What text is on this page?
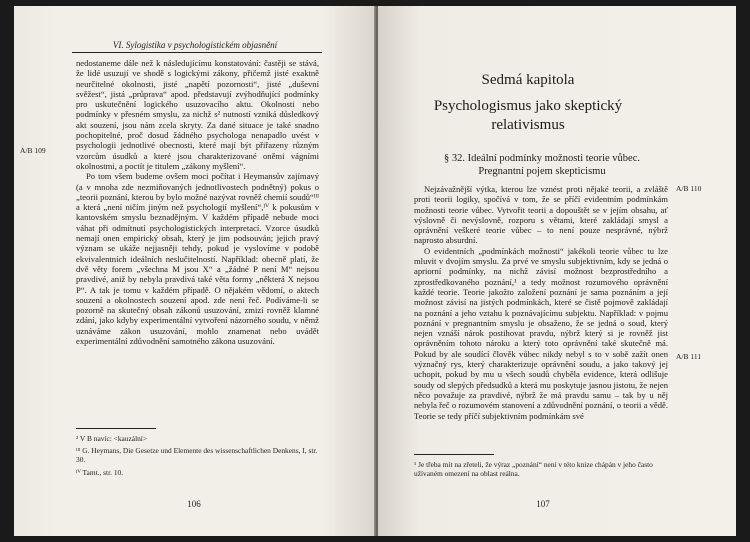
VI. Sylogistika v psychologistickém objasnění
A/B 109

nedostaneme dále než k následujícímu konstatování: častěji se stává, že lidé usuzují ve shodě s logickými zákony, přičemž jisté exaktně neurčitelné okolnosti, jisté „napětí pozornosti“, jisté „duševní svěžest“, jistá „průprava“ apod. představují zvýhodňující podmínky pro uskutečnění logického usuzovacího aktu. Okolnosti nebo podmínky v přesném smyslu, za nichž s² nutností vzniká důsledkový akt souzení, jsou nám zcela skryty. Za dané situace je také snadno pochopitelné, proč dosud žádného psychologa nenapadlo uvést v psychologii jednotlivé obecnosti, které mají být přiřazeny různým vzorcům úsudků a které jsou charakterizované oněmi vágními okolnostmi, a poctít je titulem „zákony myšlení“.

Po tom všem budeme ovšem moci počítat i Heymansův zajímavý (a v mnoha zde nezmiňovaných jednotlivostech podnětný) pokus o „teorii poznání, kterou by bylo možné nazývat rovněž chemií soudů“ᴵᴵᴵ a která „není ničím jiným než psychologií myšlení“,ᴵⱽ k pokusům v kantovském smyslu beznadějným. V každém případě nebude moci váhat při odmítnutí psychologistických interpretací. Vzorce úsudků nemají onen empirický obsah, který je jim podsouván; jejich pravý význam se ukáže nejjasněji tehdy, pokud je vyslovíme v podobě ekvivalentních ideálních neslučitelností. Například: obecně platí, že dvě věty forem „všechna M jsou X“ a „žádné P není M“ nejsou pravdivé, aniž by nebyla pravdivá také věta formy „některá X nejsou P“. A tak je tomu v každém případě. O nějakém vědomí, o aktech souzení a okolnostech souzení apod. zde není řeč. Podíváme-li se pozorně na skutečný obsah zákonů usuzování, zmizí rovněž klamné zdání, jako kdyby experimentální vytvoření názorného soudu, v němž uznáváme zákon usuzování, mohlo znamenat nebo uvádět experimentální zdůvodnění samotného zákona usuzování.

² V B navíc: <kauzální>

ᴵᴵᴵ G. Heymans, Die Gesetze und Elemente des wissenschaftlichen Denkens, I, str. 30.

ᴵⱽ Tamt., str. 10.

106
Sedmá kapitola
Psychologismus jako skeptický
relativismus
§ 32. Ideální podmínky možnosti teorie vůbec.
Pregnantní pojem skepticismu
A/B 110
A/B 111

Nejzávažnější výtka, kterou lze vznést proti nějaké teorii, a zvláště proti teorii logiky, spočívá v tom, že se příčí evidentním podmínkám možnosti teorie vůbec. Vytvořit teorii a dopouštět se v jejím obsahu, ať výslovně či nevýslovně, rozporu s větami, které zakládají smysl a oprávnění veškeré teorie vůbec – to není pouze nesprávné, nýbrž naprosto absurdní.

O evidentních „podmínkách možnosti“ jakékoli teorie vůbec tu lze mluvit v dvojím smyslu. Za prvé ve smyslu subjektivním, kdy se jedná o apriorní podmínky, na nichž závisí možnost bezprostředního a zprostředkovaného poznání,¹ a tedy možnost rozumového oprávnění každé teorie. Teorie jakožto založení poznání je sama poznáním a její možnost závisí na jistých podmínkách, které se čistě pojmově zakládají na poznání a jeho vztahu k poznávajícímu subjektu. Například: v pojmu poznání v pregnantním smyslu je obsaženo, že se jedná o soud, který nejen vznáší nárok postihovat pravdu, nýbrž který si je rovněž jist oprávněním tohoto nároku a který toto oprávnění také skutečně má. Pokud by ale soudící člověk vůbec nikdy nebyl s to v sobě zažít onen význačný rys, který charakterizuje oprávnění soudu, a jako takový jej uchopit, pokud by mu u všech soudů chyběla evidence, která odlišuje soudy od slepých předsudků a která mu poskytuje jasnou jistotu, že nejen něco považuje za pravdivé, nýbrž že má pravdu samu – tak by u něj nebyla řeč o rozumovém stanovení a zdůvodnění poznání, o teorii a vědě. Teorie se tedy příčí subjektivním podmínkám své

¹ Je třeba mít na zřeteli, že výraz „poznání“ není v této knize chápán v jeho často užívaném omezení na oblast reálna.
107
